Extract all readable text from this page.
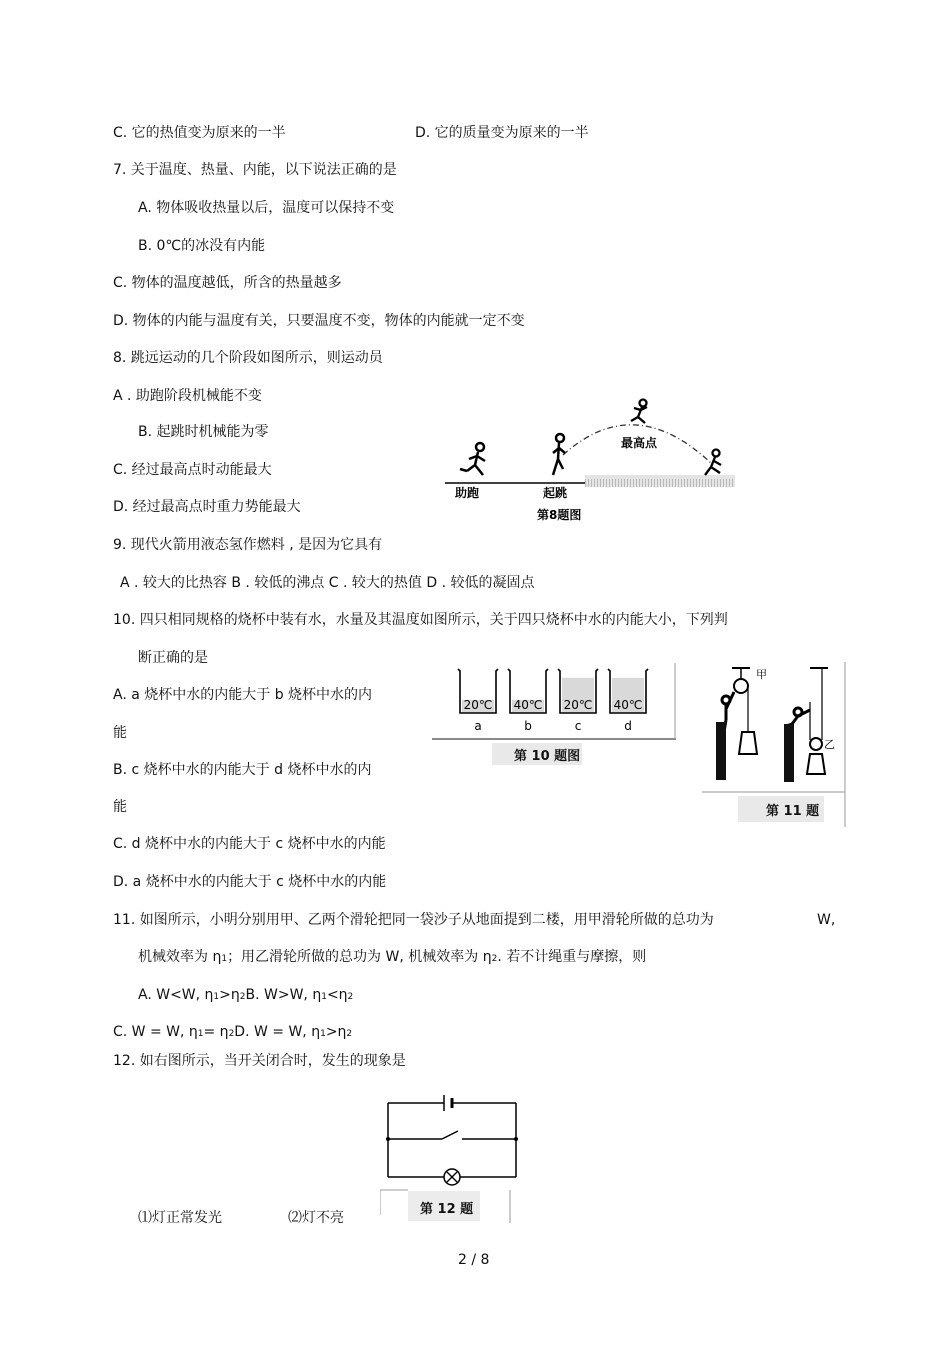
C. 它的热值变为原来的一半	D. 它的质量变为原来的一半
7. 关于温度、热量、内能，以下说法正确的是
A. 物体吸收热量以后，温度可以保持不变
B. 0℃的冰没有内能
C. 物体的温度越低，所含的热量越多
D. 物体的内能与温度有关，只要温度不变，物体的内能就一定不变
8. 跳远运动的几个阶段如图所示，则运动员
A . 助跑阶段机械能不变
B. 起跳时机械能为零
C. 经过最高点时动能最大
D. 经过最高点时重力势能最大
助跑	起跳
最高点
第8题图
9. 现代火箭用液态氢作燃料 , 是因为它具有
A . 较大的比热容 B . 较低的沸点 C . 较大的热值 D . 较低的凝固点
10. 四只相同规格的烧杯中装有水，水量及其温度如图所示，关于四只烧杯中水的内能大小，下列判
断正确的是
A. a 烧杯中水的内能大于 b 烧杯中水的内
能
B. c 烧杯中水的内能大于 d 烧杯中水的内
能
C. d 烧杯中水的内能大于 c 烧杯中水的内能
D. a 烧杯中水的内能大于 c 烧杯中水的内能
20℃
a
40℃
b
20℃
c
40℃
d
第 10 题图
甲
乙
第 11 题
11. 如图所示，小明分别用甲、乙两个滑轮把同一袋沙子从地面提到二楼，用甲滑轮所做的总功为	W,
机械效率为 η1；用乙滑轮所做的总功为 W, 机械效率为 η2. 若不计绳重与摩擦，则
A. W<W, η1>η2B. W>W, η1<η2
C. W = W, η1= η2D. W = W, η1>η2
12. 如右图所示，当开关闭合时，发生的现象是
第 12 题
⑴灯正常发光	⑵灯不亮
2 / 8
